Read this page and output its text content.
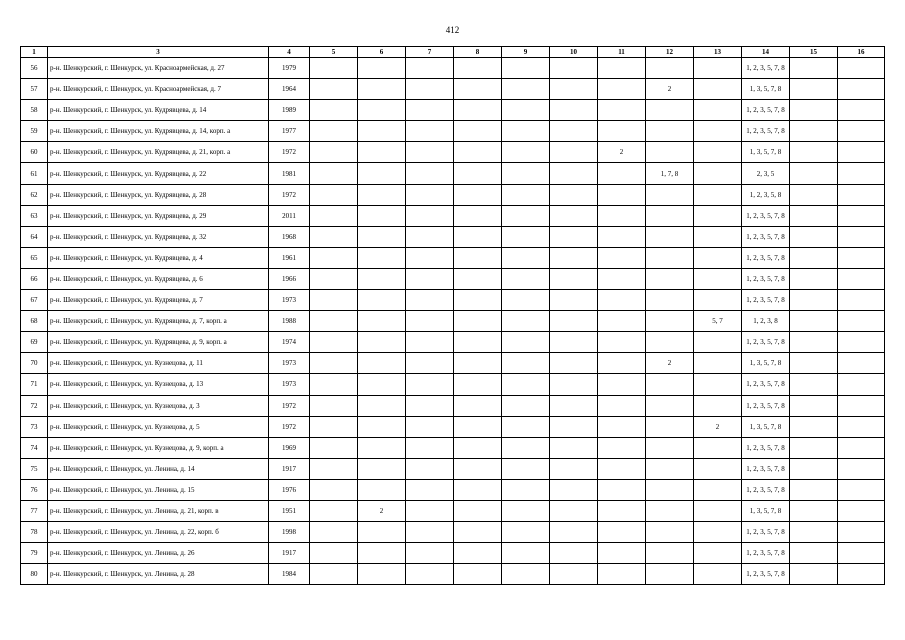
412
1	3	4	5	6	7	8	9	10	11	12	13	14	15	16
56	р-н. Шенкурский, г. Шенкурск, ул. Красноармейская, д. 27	1979										1, 2, 3, 5, 7, 8		
57	р-н. Шенкурский, г. Шенкурск, ул. Красноармейская, д. 7	1964								2		1, 3, 5, 7, 8		
58	р-н. Шенкурский, г. Шенкурск, ул. Кудрявцева, д. 14	1989										1, 2, 3, 5, 7, 8		
59	р-н. Шенкурский, г. Шенкурск, ул. Кудрявцева, д. 14, корп. а	1977										1, 2, 3, 5, 7, 8		
60	р-н. Шенкурский, г. Шенкурск, ул. Кудрявцева, д. 21, корп. а	1972							2			1, 3, 5, 7, 8		
61	р-н. Шенкурский, г. Шенкурск, ул. Кудрявцева, д. 22	1981								1, 7, 8		2, 3, 5		
62	р-н. Шенкурский, г. Шенкурск, ул. Кудрявцева, д. 28	1972										1, 2, 3, 5, 8		
63	р-н. Шенкурский, г. Шенкурск, ул. Кудрявцева, д. 29	2011										1, 2, 3, 5, 7, 8		
64	р-н. Шенкурский, г. Шенкурск, ул. Кудрявцева, д. 32	1968										1, 2, 3, 5, 7, 8		
65	р-н. Шенкурский, г. Шенкурск, ул. Кудрявцева, д. 4	1961										1, 2, 3, 5, 7, 8		
66	р-н. Шенкурский, г. Шенкурск, ул. Кудрявцева, д. 6	1966										1, 2, 3, 5, 7, 8		
67	р-н. Шенкурский, г. Шенкурск, ул. Кудрявцева, д. 7	1973										1, 2, 3, 5, 7, 8		
68	р-н. Шенкурский, г. Шенкурск, ул. Кудрявцева, д. 7, корп. а	1988									5, 7	1, 2, 3, 8		
69	р-н. Шенкурский, г. Шенкурск, ул. Кудрявцева, д. 9, корп. а	1974										1, 2, 3, 5, 7, 8		
70	р-н. Шенкурский, г. Шенкурск, ул. Кузнецова, д. 11	1973								2		1, 3, 5, 7, 8		
71	р-н. Шенкурский, г. Шенкурск, ул. Кузнецова, д. 13	1973										1, 2, 3, 5, 7, 8		
72	р-н. Шенкурский, г. Шенкурск, ул. Кузнецова, д. 3	1972										1, 2, 3, 5, 7, 8		
73	р-н. Шенкурский, г. Шенкурск, ул. Кузнецова, д. 5	1972									2	1, 3, 5, 7, 8		
74	р-н. Шенкурский, г. Шенкурск, ул. Кузнецова, д. 9, корп. а	1969										1, 2, 3, 5, 7, 8		
75	р-н. Шенкурский, г. Шенкурск, ул. Ленина, д. 14	1917										1, 2, 3, 5, 7, 8		
76	р-н. Шенкурский, г. Шенкурск, ул. Ленина, д. 15	1976										1, 2, 3, 5, 7, 8		
77	р-н. Шенкурский, г. Шенкурск, ул. Ленина, д. 21, корп. в	1951		2								1, 3, 5, 7, 8		
78	р-н. Шенкурский, г. Шенкурск, ул. Ленина, д. 22, корп. б	1998										1, 2, 3, 5, 7, 8		
79	р-н. Шенкурский, г. Шенкурск, ул. Ленина, д. 26	1917										1, 2, 3, 5, 7, 8		
80	р-н. Шенкурский, г. Шенкурск, ул. Ленина, д. 28	1984										1, 2, 3, 5, 7, 8		
